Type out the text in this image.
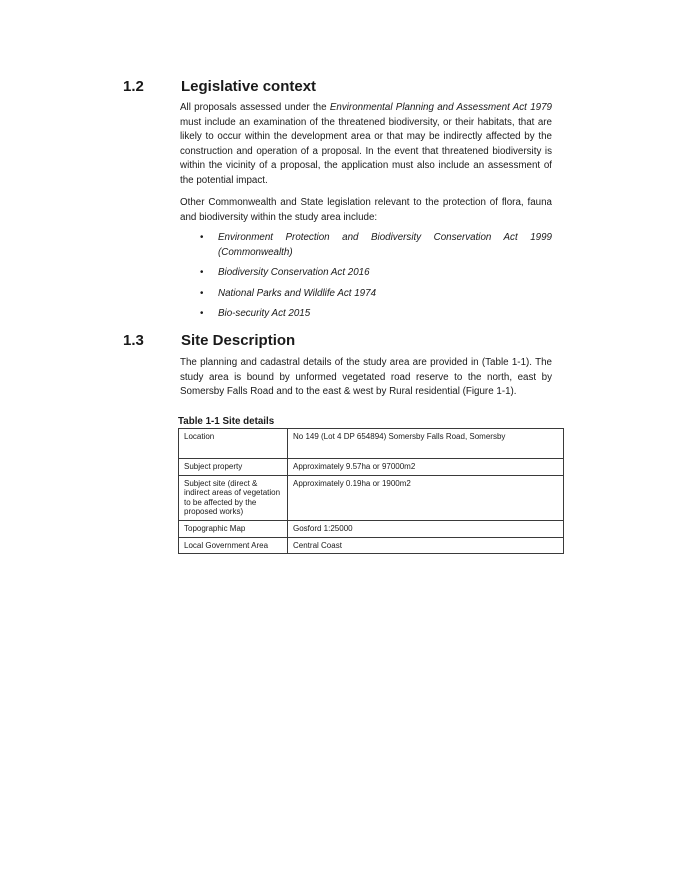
1.2 Legislative context
All proposals assessed under the Environmental Planning and Assessment Act 1979 must include an examination of the threatened biodiversity, or their habitats, that are likely to occur within the development area or that may be indirectly affected by the construction and operation of a proposal. In the event that threatened biodiversity is within the vicinity of a proposal, the application must also include an assessment of the potential impact.
Other Commonwealth and State legislation relevant to the protection of flora, fauna and biodiversity within the study area include:
• Environment Protection and Biodiversity Conservation Act 1999 (Commonwealth)
• Biodiversity Conservation Act 2016
• National Parks and Wildlife Act 1974
• Bio-security Act 2015
1.3 Site Description
The planning and cadastral details of the study area are provided in (Table 1-1). The study area is bound by unformed vegetated road reserve to the north, east by Somersby Falls Road and to the east & west by Rural residential (Figure 1-1).
Table 1-1 Site details
Location	No 149 (Lot 4 DP 654894) Somersby Falls Road, Somersby
Subject property	Approximately 9.57ha or 97000m2
Subject site (direct & indirect areas of vegetation to be affected by the proposed works)	Approximately 0.19ha or 1900m2
Topographic Map	Gosford 1:25000
Local Government Area	Central Coast
